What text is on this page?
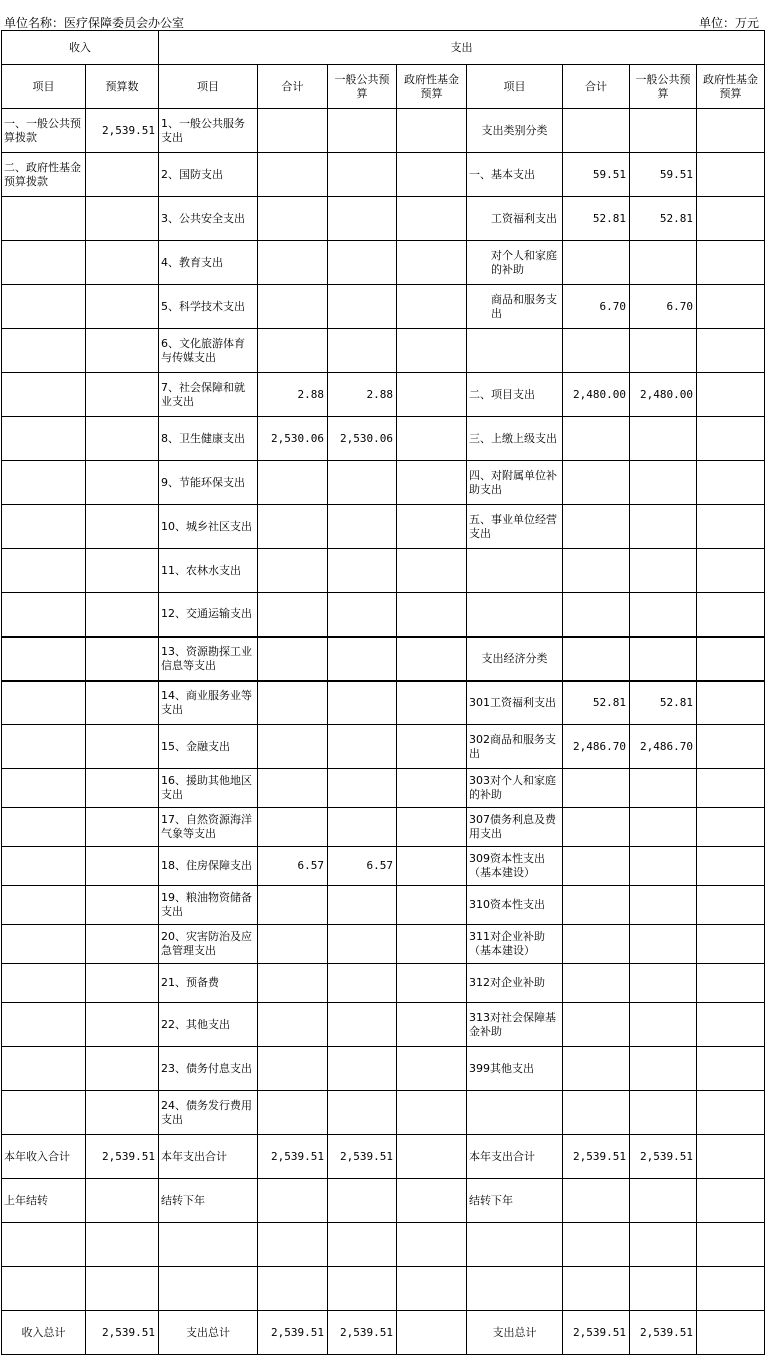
单位名称：医疗保障委员会办公室	单位：万元
收入		支出							
项目	预算数	项目	合计	一般公共预算	政府性基金预算	项目	合计	一般公共预算	政府性基金预算
一、一般公共预算拨款	2,539.51	1、一般公共服务支出				支出类别分类			
二、政府性基金预算拨款		2、国防支出				一、基本支出	59.51	59.51	
		3、公共安全支出				工资福利支出	52.81	52.81	
		4、教育支出				对个人和家庭的补助			
		5、科学技术支出				商品和服务支出	6.70	6.70	
		6、文化旅游体育与传媒支出							
		7、社会保障和就业支出	2.88	2.88		二、项目支出	2,480.00	2,480.00	
		8、卫生健康支出	2,530.06	2,530.06		三、上缴上级支出			
		9、节能环保支出				四、对附属单位补助支出			
		10、城乡社区支出				五、事业单位经营支出			
		11、农林水支出							
		12、交通运输支出							
		13、资源勘探工业信息等支出				支出经济分类			
		14、商业服务业等支出				301工资福利支出	52.81	52.81	
		15、金融支出				302商品和服务支出	2,486.70	2,486.70	
		16、援助其他地区支出				303对个人和家庭的补助			
		17、自然资源海洋气象等支出				307债务利息及费用支出			
		18、住房保障支出	6.57	6.57		309资本性支出（基本建设）			
		19、粮油物资储备支出				310资本性支出			
		20、灾害防治及应急管理支出				311对企业补助（基本建设）			
		21、预备费				312对企业补助			
		22、其他支出				313对社会保障基金补助			
		23、债务付息支出				399其他支出			
		24、债务发行费用支出							
本年收入合计	2,539.51	本年支出合计	2,539.51	2,539.51		本年支出合计	2,539.51	2,539.51	
上年结转		结转下年				结转下年			

收入总计	2,539.51	支出总计	2,539.51	2,539.51		支出总计	2,539.51	2,539.51	
